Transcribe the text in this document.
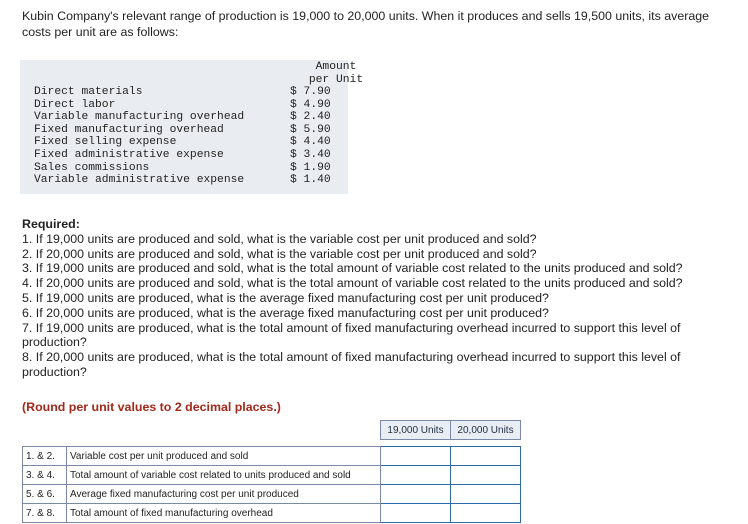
Kubin Company's relevant range of production is 19,000 to 20,000 units. When it produces and sells 19,500 units, its average costs per unit are as follows:
Amount
per Unit
Direct materials	$ 7.90
Direct labor	$ 4.90
Variable manufacturing overhead	$ 2.40
Fixed manufacturing overhead	$ 5.90
Fixed selling expense	$ 4.40
Fixed administrative expense	$ 3.40
Sales commissions	$ 1.90
Variable administrative expense	$ 1.40
Required:
1. If 19,000 units are produced and sold, what is the variable cost per unit produced and sold?
2. If 20,000 units are produced and sold, what is the variable cost per unit produced and sold?
3. If 19,000 units are produced and sold, what is the total amount of variable cost related to the units produced and sold?
4. If 20,000 units are produced and sold, what is the total amount of variable cost related to the units produced and sold?
5. If 19,000 units are produced, what is the average fixed manufacturing cost per unit produced?
6. If 20,000 units are produced, what is the average fixed manufacturing cost per unit produced?
7. If 19,000 units are produced, what is the total amount of fixed manufacturing overhead incurred to support this level of production?
8. If 20,000 units are produced, what is the total amount of fixed manufacturing overhead incurred to support this level of production?
(Round per unit values to 2 decimal places.)
		19,000 Units	20,000 Units

1. & 2.	Variable cost per unit produced and sold		
3. & 4.	Total amount of variable cost related to units produced and sold		
5. & 6.	Average fixed manufacturing cost per unit produced		
7. & 8.	Total amount of fixed manufacturing overhead		
